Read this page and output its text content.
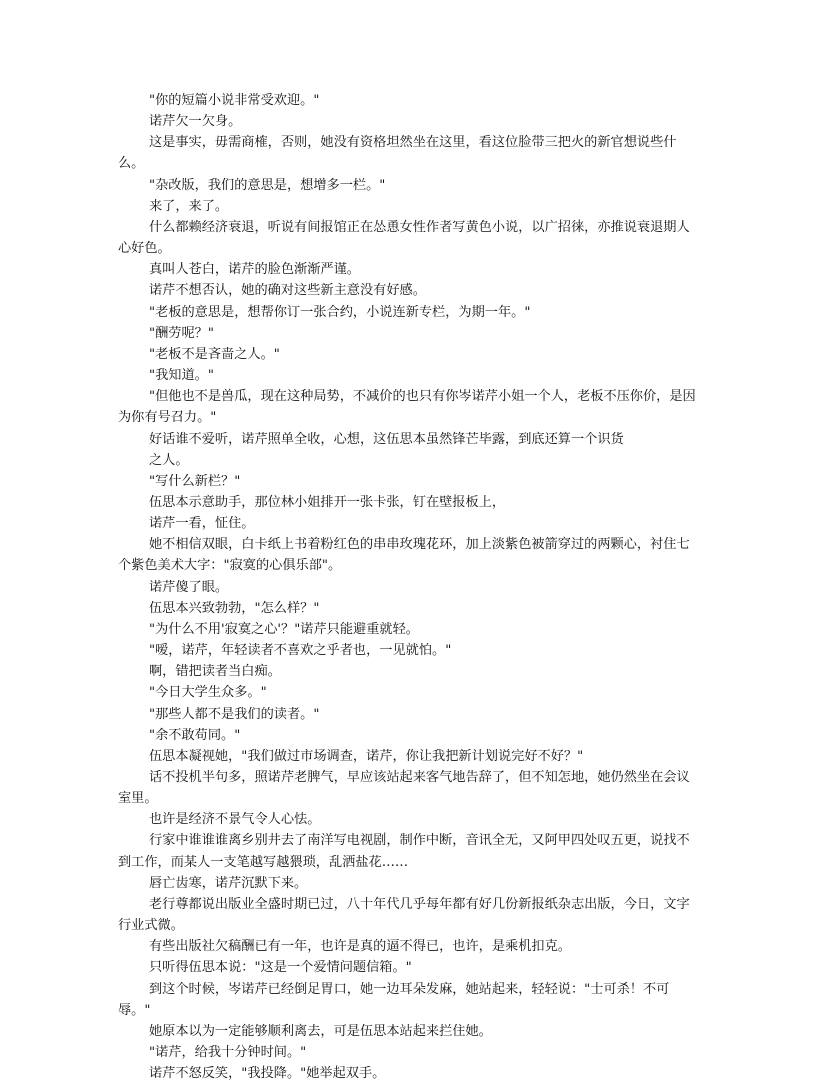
"你的短篇小说非常受欢迎。"

诺芹欠一欠身。

这是事实，毋需商榷，否则，她没有资格坦然坐在这里，看这位脸带三把火的新官想说些什么。

"杂改版，我们的意思是，想增多一栏。"

来了，来了。

什么都赖经济衰退，听说有间报馆正在怂恿女性作者写黄色小说，以广招徕，亦推说衰退期人心好色。

真叫人苍白，诺芹的脸色渐渐严谨。

诺芹不想否认，她的确对这些新主意没有好感。

"老板的意思是，想帮你订一张合约，小说连新专栏，为期一年。"

"酬劳呢？"

"老板不是吝啬之人。"

"我知道。"

"但他也不是兽瓜，现在这种局势，不减价的也只有你岑诺芹小姐一个人，老板不压你价，是因为你有号召力。"

好话谁不爱听，诺芹照单全收，心想，这伍思本虽然锋芒毕露，到底还算一个识货

之人。

"写什么新栏？"

伍思本示意助手，那位林小姐排开一张卡张，钉在壁报板上，

诺芹一看，怔住。

她不相信双眼，白卡纸上书着粉红色的串串玫瑰花环，加上淡紫色被箭穿过的两颗心，衬住七个紫色美术大字："寂寞的心俱乐部"。

诺芹傻了眼。

伍思本兴致勃勃，"怎么样？"

"为什么不用'寂寞之心'？"诺芹只能避重就轻。

"嗳，诺芹，年轻读者不喜欢之乎者也，一见就怕。"

啊，错把读者当白痴。

"今日大学生众多。"

"那些人都不是我们的读者。"

"余不敢苟同。"

伍思本凝视她，"我们做过市场调查，诺芹，你让我把新计划说完好不好？"

话不投机半句多，照诺芹老脾气，早应该站起来客气地告辞了，但不知怎地，她仍然坐在会议室里。

也许是经济不景气令人心怯。

行家中谁谁谁离乡别井去了南洋写电视剧，制作中断，音讯全无，又阿甲四处叹五更，说找不到工作，而某人一支笔越写越猥琐，乱洒盐花……

唇亡齿寒，诺芹沉默下来。

老行尊都说出版业全盛时期已过，八十年代几乎每年都有好几份新报纸杂志出版，今日，文字行业式微。

有些出版社欠稿酬已有一年，也许是真的逼不得已，也许，是乘机扣克。

只听得伍思本说："这是一个爱情问题信箱。"

到这个时候，岑诺芹已经倒足胃口，她一边耳朵发麻，她站起来，轻轻说："士可杀！不可辱。"

她原本以为一定能够顺利离去，可是伍思本站起来拦住她。

"诺芹，给我十分钟时间。"

诺芹不怒反笑，"我投降。"她举起双手。
